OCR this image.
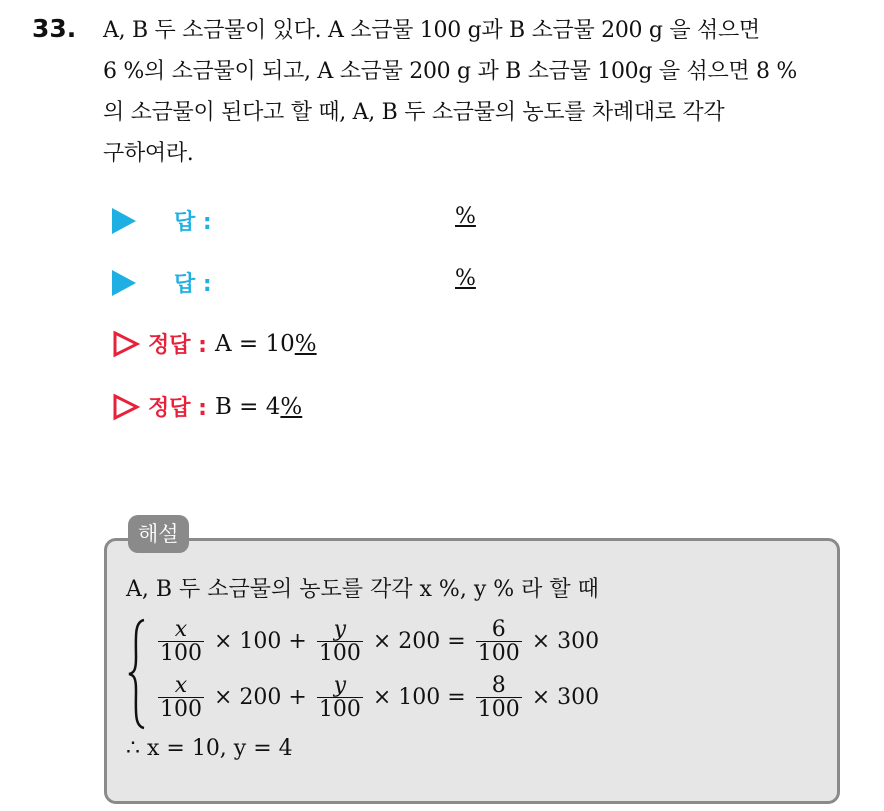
33. A, B 두 소금물이 있다. A 소금물 100 g과 B 소금물 200 g 을 섞으면
6 %의 소금물이 되고, A 소금물 200 g 과 B 소금물 100g 을 섞으면 8 %
의 소금물이 된다고 할 때, A, B 두 소금물의 농도를 차례대로 각각
구하여라.
답 :	%
답 :	%
정답 : A = 10%
정답 : B = 4%
해설
A, B 두 소금물의 농도를 각각 x %, y % 라 할 때
$\frac{x}{100} \times 100 + \frac{y}{100} \times 200 = \frac{6}{100} \times 300$
$\frac{x}{100} \times 200 + \frac{y}{100} \times 100 = \frac{8}{100} \times 300$
∴ x = 10, y = 4
